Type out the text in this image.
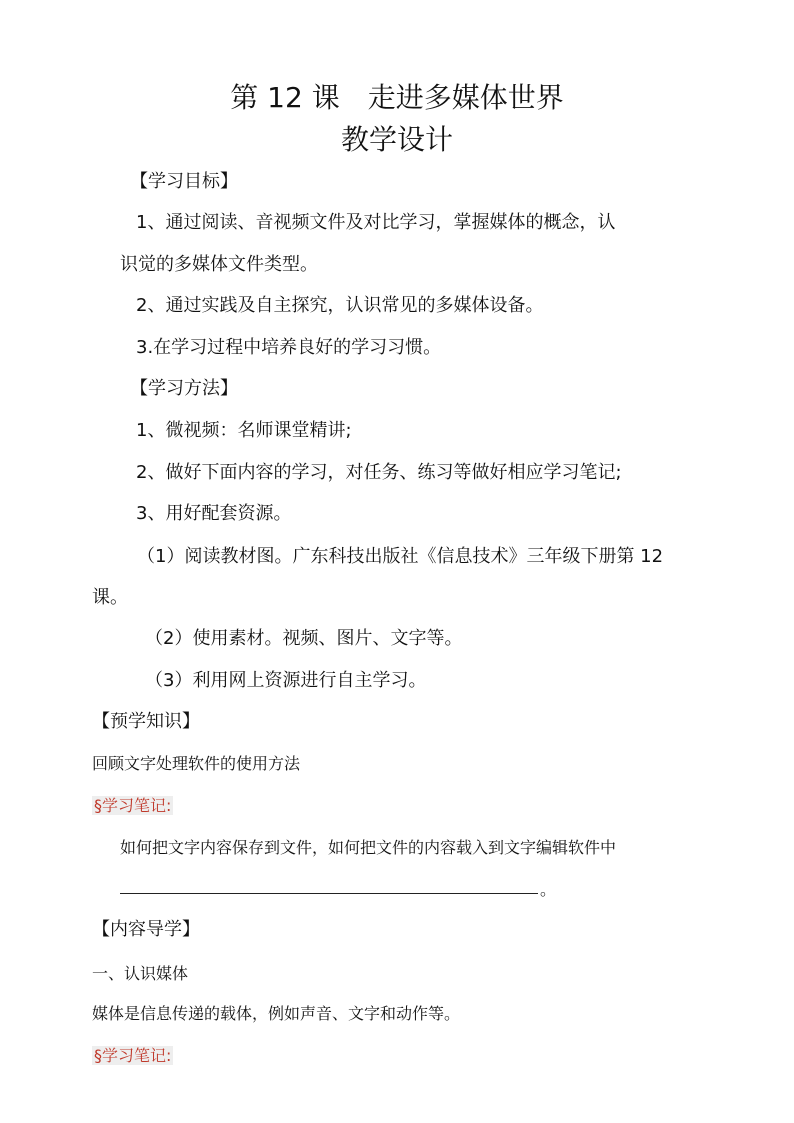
第 12 课　走进多媒体世界
教学设计
【学习目标】
1、通过阅读、音视频文件及对比学习，掌握媒体的概念，认
识觉的多媒体文件类型。
2、通过实践及自主探究，认识常见的多媒体设备。
3.在学习过程中培养良好的学习习惯。
【学习方法】
1、微视频：名师课堂精讲;
2、做好下面内容的学习，对任务、练习等做好相应学习笔记;
3、用好配套资源。
（1）阅读教材图。广东科技出版社《信息技术》三年级下册第 12
课。
（2）使用素材。视频、图片、文字等。
（3）利用网上资源进行自主学习。
【预学知识】
回顾文字处理软件的使用方法
§学习笔记:
如何把文字内容保存到文件，如何把文件的内容载入到文字编辑软件中
。
【内容导学】
一、认识媒体
媒体是信息传递的载体，例如声音、文字和动作等。
§学习笔记:
